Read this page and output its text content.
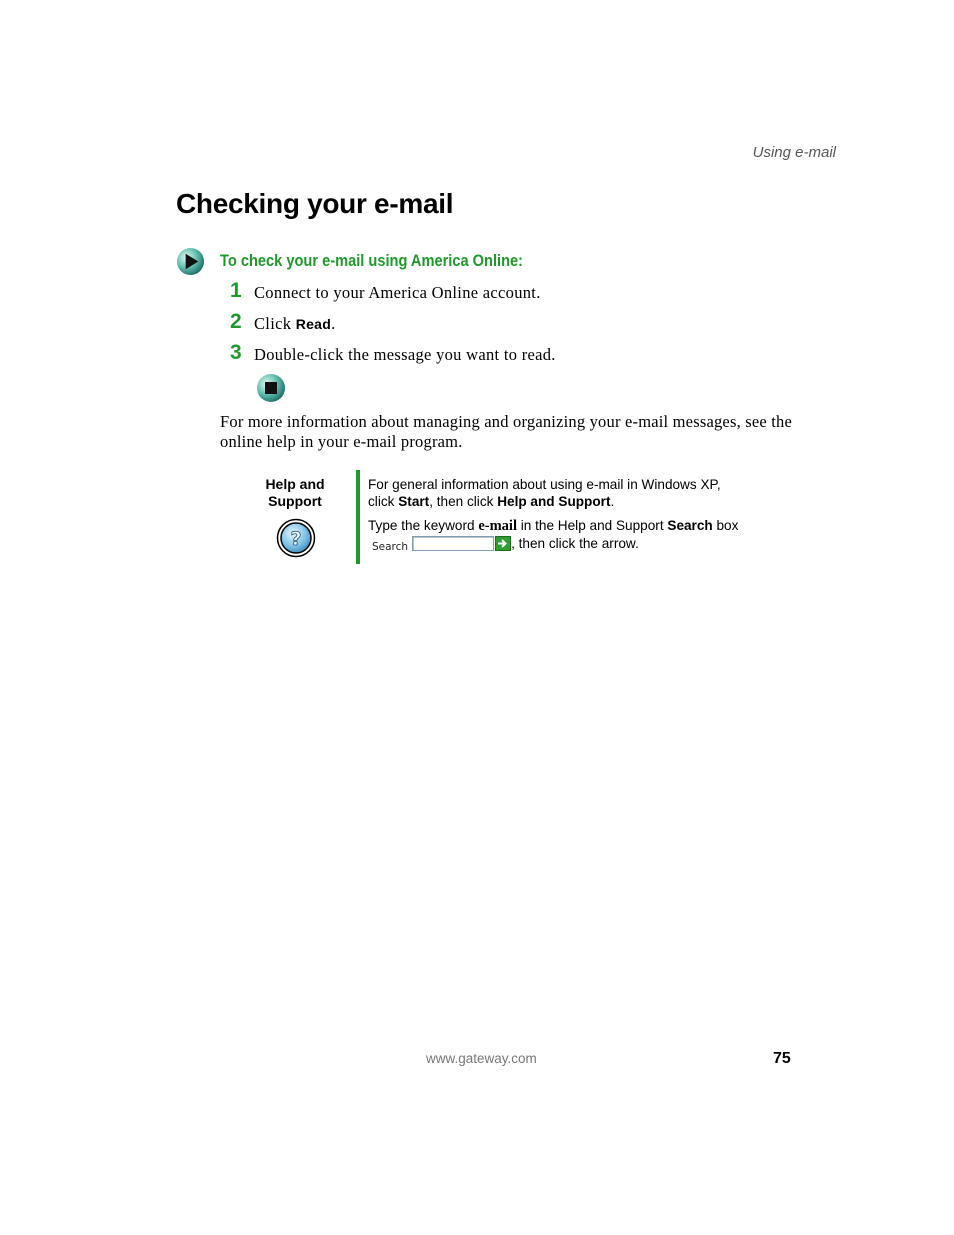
Using e-mail
Checking your e-mail
To check your e-mail using America Online:
1 Connect to your America Online account.
2 Click Read.
3 Double-click the message you want to read.

For more information about managing and organizing your e-mail messages, see the online help in your e-mail program.

Help and
Support
?
For general information about using e-mail in Windows XP, click Start, then click Help and Support.
Type the keyword e-mail in the Help and Support Search boxSearch	, then click the arrow.
www.gateway.com	75
